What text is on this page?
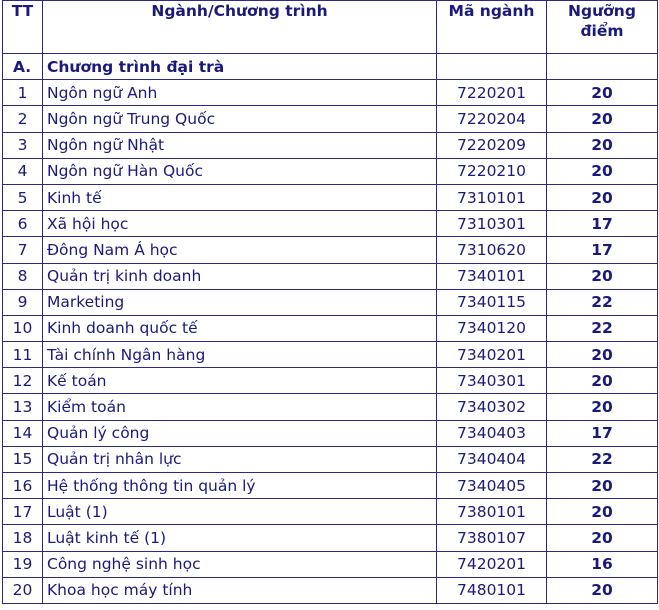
TT	Ngành/Chương trình	Mã ngành	Ngưỡng
điểm

A.	Chương trình đại trà		
1	Ngôn ngữ Anh	7220201	20
2	Ngôn ngữ Trung Quốc	7220204	20
3	Ngôn ngữ Nhật	7220209	20
4	Ngôn ngữ Hàn Quốc	7220210	20
5	Kinh tế	7310101	20
6	Xã hội học	7310301	17
7	Đông Nam Á học	7310620	17
8	Quản trị kinh doanh	7340101	20
9	Marketing	7340115	22
10	Kinh doanh quốc tế	7340120	22
11	Tài chính Ngân hàng	7340201	20
12	Kế toán	7340301	20
13	Kiểm toán	7340302	20
14	Quản lý công	7340403	17
15	Quản trị nhân lực	7340404	22
16	Hệ thống thông tin quản lý	7340405	20
17	Luật (1)	7380101	20
18	Luật kinh tế (1)	7380107	20
19	Công nghệ sinh học	7420201	16
20	Khoa học máy tính	7480101	20
